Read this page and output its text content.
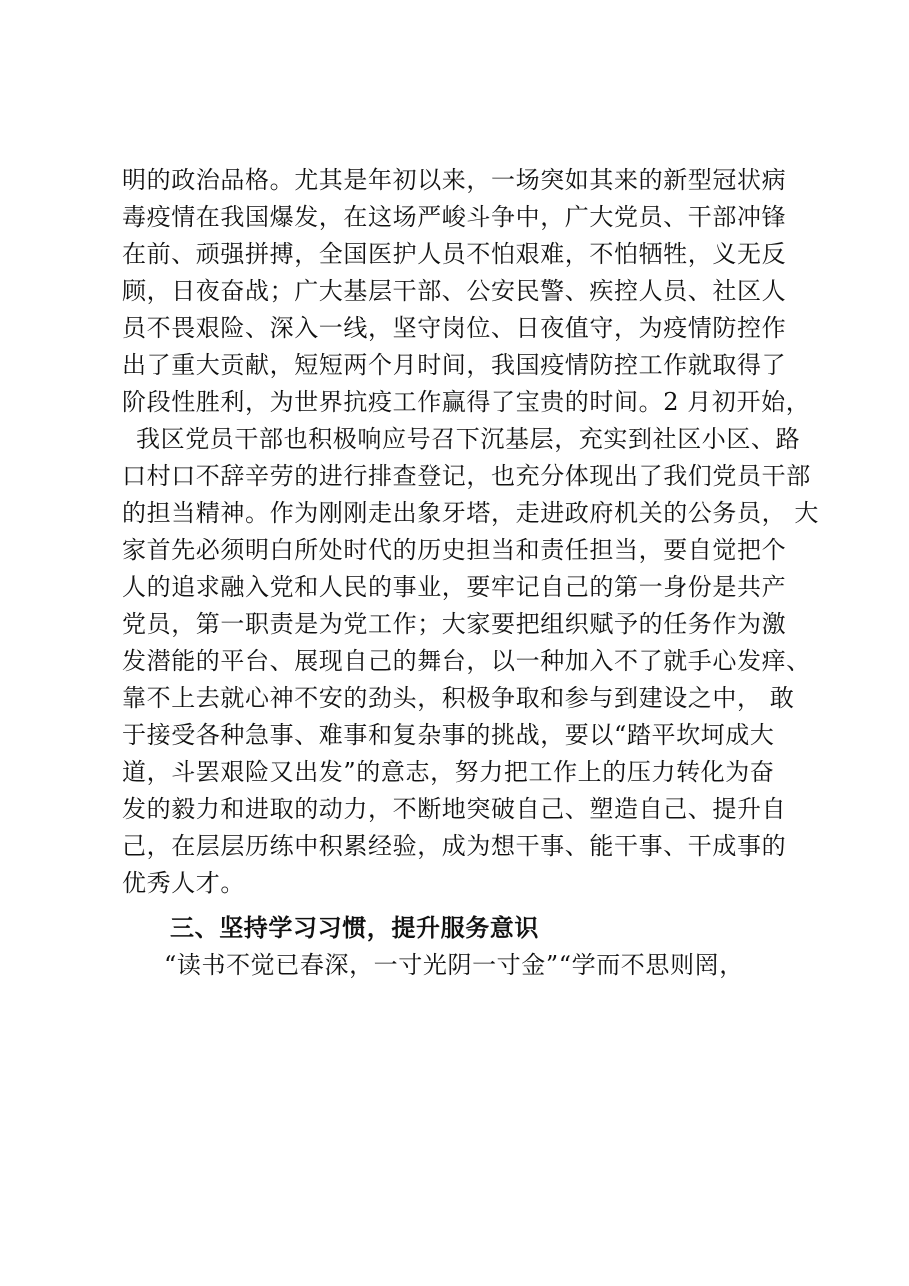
明的政治品格。尤其是年初以来，一场突如其来的新型冠状病
毒疫情在我国爆发，在这场严峻斗争中，广大党员、干部冲锋
在前、顽强拼搏，全国医护人员不怕艰难，不怕牺牲，义无反
顾，日夜奋战；广大基层干部、公安民警、疾控人员、社区人
员不畏艰险、深入一线，坚守岗位、日夜值守，为疫情防控作
出了重大贡献，短短两个月时间，我国疫情防控工作就取得了
阶段性胜利，为世界抗疫工作赢得了宝贵的时间。2 月初开始，
我区党员干部也积极响应号召下沉基层，充实到社区小区、路
口村口不辞辛劳的进行排查登记，也充分体现出了我们党员干部
的担当精神。作为刚刚走出象牙塔，走进政府机关的公务员， 大
家首先必须明白所处时代的历史担当和责任担当，要自觉把个
人的追求融入党和人民的事业，要牢记自己的第一身份是共产
党员，第一职责是为党工作；大家要把组织赋予的任务作为激
发潜能的平台、展现自己的舞台，以一种加入不了就手心发痒、
靠不上去就心神不安的劲头，积极争取和参与到建设之中， 敢
于接受各种急事、难事和复杂事的挑战，要以“踏平坎坷成大
道，斗罢艰险又出发”的意志，努力把工作上的压力转化为奋
发的毅力和进取的动力，不断地突破自己、塑造自己、提升自
己，在层层历练中积累经验，成为想干事、能干事、干成事的
优秀人才。
三、坚持学习习惯，提升服务意识
“读书不觉已春深，一寸光阴一寸金”“学而不思则罔，
